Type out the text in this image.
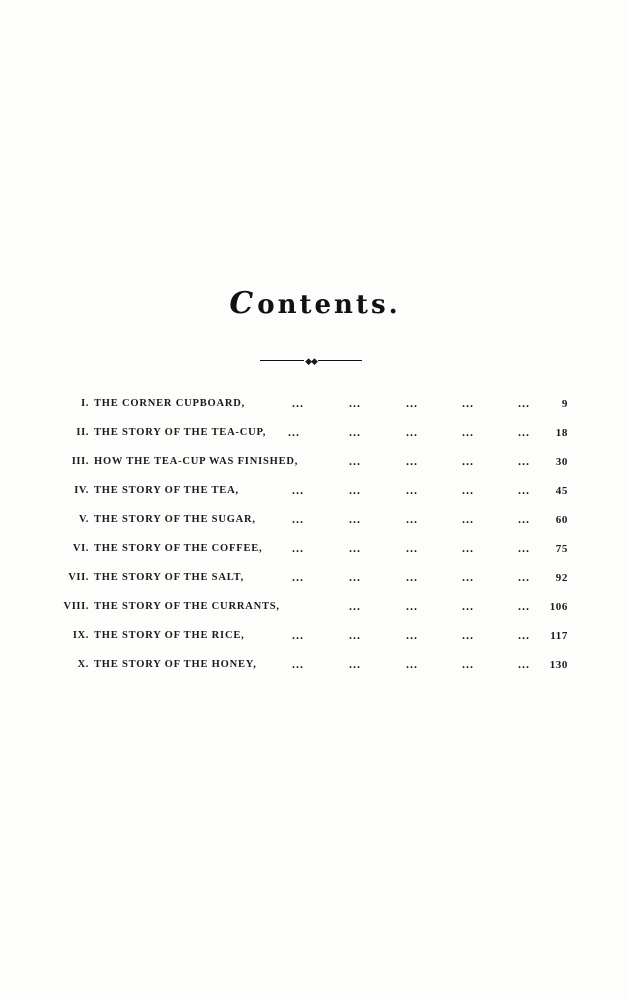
Contents.
◆◆
I. THE CORNER CUPBOARD,	...	...	...	...	...	9
II. THE STORY OF THE TEA-CUP, ...	...	...	...	... 18
III. HOW THE TEA-CUP WAS FINISHED,	...	...	...	... 30
IV. THE STORY OF THE TEA,	...	...	...	...	... 45
V. THE STORY OF THE SUGAR,	...	...	...	...	... 60
VI. THE STORY OF THE COFFEE, ...	...	...	...	... 75
VII. THE STORY OF THE SALT,	...	...	...	...	... 92
VIII. THE STORY OF THE CURRANTS,	...	...	...	... 106
IX. THE STORY OF THE RICE,	...	...	...	...	... 117
X. THE STORY OF THE HONEY,	...	...	...	...	... 130
